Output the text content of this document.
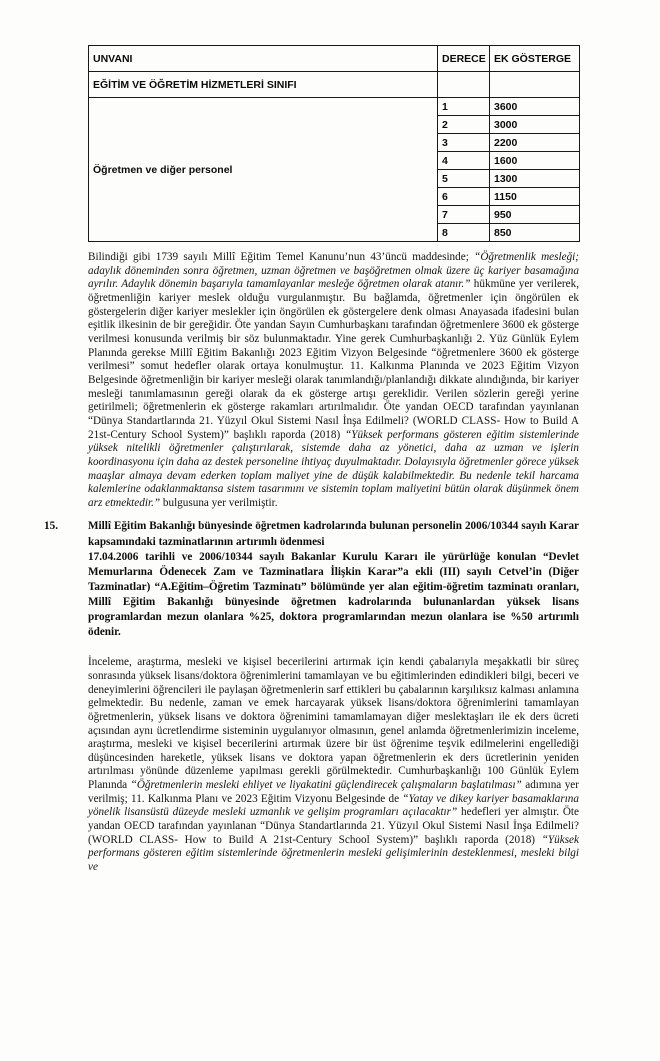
UNVANI	DERECE	EK GÖSTERGE
EĞİTİM VE ÖĞRETİM HİZMETLERİ SINIFI		
Öğretmen ve diğer personel	1	3600
	2	3000
	3	2200
	4	1600
	5	1300
	6	1150
	7	950
	8	850

Bilindiği gibi 1739 sayılı Millî Eğitim Temel Kanunu’nun 43’üncü maddesinde; “Öğretmenlik mesleği; adaylık döneminden sonra öğretmen, uzman öğretmen ve başöğretmen olmak üzere üç kariyer basamağına ayrılır. Adaylık dönemin başarıyla tamamlayanlar mesleğe öğretmen olarak atanır.” hükmüne yer verilerek, öğretmenliğin kariyer meslek olduğu vurgulanmıştır. Bu bağlamda, öğretmenler için öngörülen ek göstergelerin diğer kariyer meslekler için öngörülen ek göstergelere denk olması Anayasada ifadesini bulan eşitlik ilkesinin de bir gereğidir. Öte yandan Sayın Cumhurbaşkanı tarafından öğretmenlere 3600 ek gösterge verilmesi konusunda verilmiş bir söz bulunmaktadır. Yine gerek Cumhurbaşkanlığı 2. Yüz Günlük Eylem Planında gerekse Millî Eğitim Bakanlığı 2023 Eğitim Vizyon Belgesinde “öğretmenlere 3600 ek gösterge verilmesi” somut hedefler olarak ortaya konulmuştur. 11. Kalkınma Planında ve 2023 Eğitim Vizyon Belgesinde öğretmenliğin bir kariyer mesleği olarak tanımlandığı/planlandığı dikkate alındığında, bir kariyer mesleği tanımlamasının gereği olarak da ek gösterge artışı gereklidir. Verilen sözlerin gereği yerine getirilmeli; öğretmenlerin ek gösterge rakamları artırılmalıdır. Öte yandan OECD tarafından yayınlanan “Dünya Standartlarında 21. Yüzyıl Okul Sistemi Nasıl İnşa Edilmeli? (WORLD CLASS- How to Build A 21st-Century School System)” başlıklı raporda (2018) “Yüksek performans gösteren eğitim sistemlerinde yüksek nitelikli öğretmenler çalıştırılarak, sistemde daha az yönetici, daha az uzman ve işlerin koordinasyonu için daha az destek personeline ihtiyaç duyulmaktadır. Dolayısıyla öğretmenler görece yüksek maaşlar almaya devam ederken toplam maliyet yine de düşük kalabilmektedir. Bu nedenle tekil harcama kalemlerine odaklanmaktansa sistem tasarımını ve sistemin toplam maliyetini bütün olarak düşünmek önem arz etmektedir.” bulgusuna yer verilmiştir.

15.	Millî Eğitim Bakanlığı bünyesinde öğretmen kadrolarında bulunan personelin 2006/10344 sayılı Karar kapsamındaki tazminatlarının artırımlı ödenmesi
17.04.2006 tarihli ve 2006/10344 sayılı Bakanlar Kurulu Kararı ile yürürlüğe konulan “Devlet Memurlarına Ödenecek Zam ve Tazminatlara İlişkin Karar”a ekli (III) sayılı Cetvel’in (Diğer Tazminatlar) “A.Eğitim–Öğretim Tazminatı” bölümünde yer alan eğitim-öğretim tazminatı oranları, Millî Eğitim Bakanlığı bünyesinde öğretmen kadrolarında bulunanlardan yüksek lisans programlardan mezun olanlara %25, doktora programlarından mezun olanlara ise %50 artırımlı ödenir.

İnceleme, araştırma, mesleki ve kişisel becerilerini artırmak için kendi çabalarıyla meşakkatli bir süreç sonrasında yüksek lisans/doktora öğrenimlerini tamamlayan ve bu eğitimlerinden edindikleri bilgi, beceri ve deneyimlerini öğrencileri ile paylaşan öğretmenlerin sarf ettikleri bu çabalarının karşılıksız kalması anlamına gelmektedir. Bu nedenle, zaman ve emek harcayarak yüksek lisans/doktora öğrenimlerini tamamlayan öğretmenlerin, yüksek lisans ve doktora öğrenimini tamamlamayan diğer meslektaşları ile ek ders ücreti açısından aynı ücretlendirme sisteminin uygulanıyor olmasının, genel anlamda öğretmenlerimizin inceleme, araştırma, mesleki ve kişisel becerilerini artırmak üzere bir üst öğrenime teşvik edilmelerini engellediği düşüncesinden hareketle, yüksek lisans ve doktora yapan öğretmenlerin ek ders ücretlerinin yeniden artırılması yönünde düzenleme yapılması gerekli görülmektedir. Cumhurbaşkanlığı 100 Günlük Eylem Planında “Öğretmenlerin mesleki ehliyet ve liyakatini güçlendirecek çalışmaların başlatılması” adımına yer verilmiş; 11. Kalkınma Planı ve 2023 Eğitim Vizyonu Belgesinde de “Yatay ve dikey kariyer basamaklarına yönelik lisansüstü düzeyde mesleki uzmanlık ve gelişim programları açılacaktır” hedefleri yer almıştır. Öte yandan OECD tarafından yayınlanan “Dünya Standartlarında 21. Yüzyıl Okul Sistemi Nasıl İnşa Edilmeli? (WORLD CLASS- How to Build A 21st-Century School System)” başlıklı raporda (2018) “Yüksek performans gösteren eğitim sistemlerinde öğretmenlerin mesleki gelişimlerinin desteklenmesi, mesleki bilgi ve
